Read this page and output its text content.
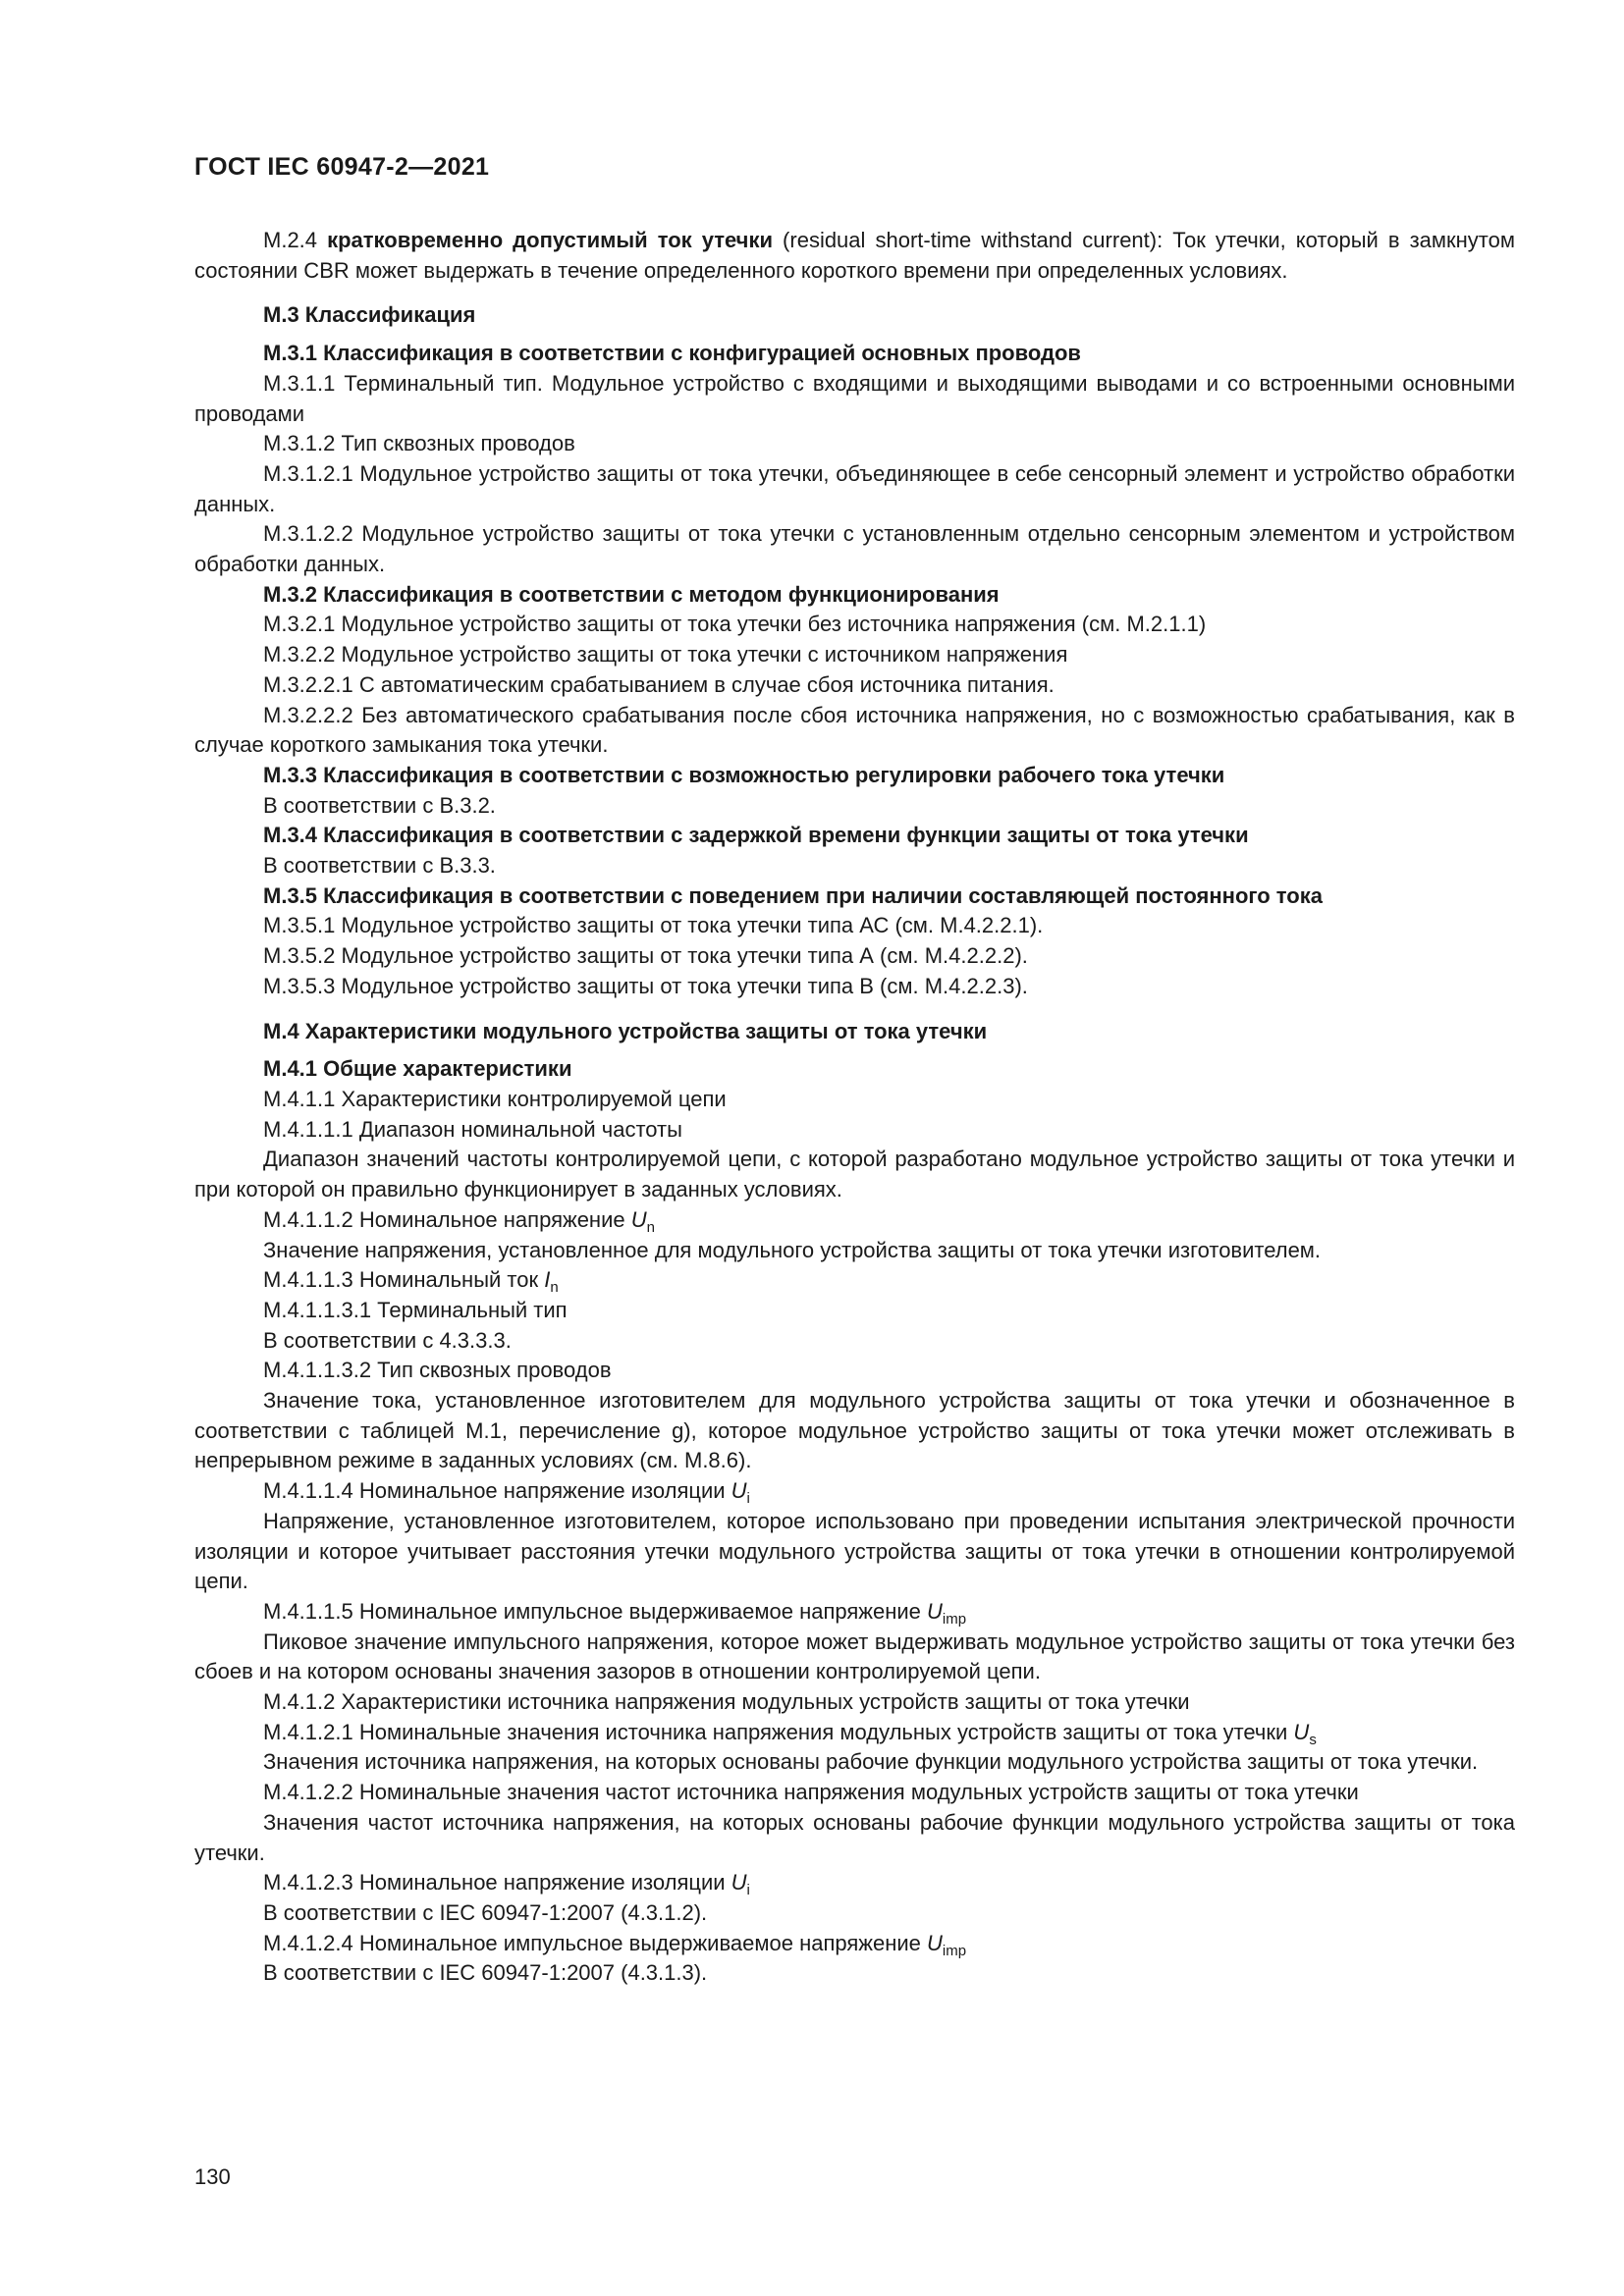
ГОСТ IEC 60947-2—2021

М.2.4 кратковременно допустимый ток утечки (residual short-time withstand current): Ток утечки, который в замкнутом состоянии CBR может выдержать в течение определенного короткого времени при определенных условиях.

М.3 Классификация

М.3.1 Классификация в соответствии с конфигурацией основных проводов

М.3.1.1 Терминальный тип. Модульное устройство с входящими и выходящими выводами и со встроенными основными проводами

М.3.1.2 Тип сквозных проводов

М.3.1.2.1 Модульное устройство защиты от тока утечки, объединяющее в себе сенсорный элемент и устройство обработки данных.

М.3.1.2.2 Модульное устройство защиты от тока утечки с установленным отдельно сенсорным элементом и устройством обработки данных.

М.3.2 Классификация в соответствии с методом функционирования

М.3.2.1 Модульное устройство защиты от тока утечки без источника напряжения (см. М.2.1.1)

М.3.2.2 Модульное устройство защиты от тока утечки с источником напряжения

М.3.2.2.1 С автоматическим срабатыванием в случае сбоя источника питания.

М.3.2.2.2 Без автоматического срабатывания после сбоя источника напряжения, но с возможностью срабатывания, как в случае короткого замыкания тока утечки.

М.3.3 Классификация в соответствии с возможностью регулировки рабочего тока утечки

В соответствии с В.3.2.

М.3.4 Классификация в соответствии с задержкой времени функции защиты от тока утечки

В соответствии с В.3.3.

М.3.5 Классификация в соответствии с поведением при наличии составляющей постоянного тока

М.3.5.1 Модульное устройство защиты от тока утечки типа АС (см. М.4.2.2.1).

М.3.5.2 Модульное устройство защиты от тока утечки типа А (см. М.4.2.2.2).

М.3.5.3 Модульное устройство защиты от тока утечки типа В (см. М.4.2.2.3).

М.4 Характеристики модульного устройства защиты от тока утечки

М.4.1 Общие характеристики

М.4.1.1 Характеристики контролируемой цепи

М.4.1.1.1 Диапазон номинальной частоты

Диапазон значений частоты контролируемой цепи, с которой разработано модульное устройство защиты от тока утечки и при которой он правильно функционирует в заданных условиях.

М.4.1.1.2 Номинальное напряжение $U_n$

Значение напряжения, установленное для модульного устройства защиты от тока утечки изготовителем.

М.4.1.1.3 Номинальный ток $I_n$

М.4.1.1.3.1 Терминальный тип

В соответствии с 4.3.3.3.

М.4.1.1.3.2 Тип сквозных проводов

Значение тока, установленное изготовителем для модульного устройства защиты от тока утечки и обозначенное в соответствии с таблицей М.1, перечисление g), которое модульное устройство защиты от тока утечки может отслеживать в непрерывном режиме в заданных условиях (см. М.8.6).

М.4.1.1.4 Номинальное напряжение изоляции $U_i$

Напряжение, установленное изготовителем, которое использовано при проведении испытания электрической прочности изоляции и которое учитывает расстояния утечки модульного устройства защиты от тока утечки в отношении контролируемой цепи.

М.4.1.1.5 Номинальное импульсное выдерживаемое напряжение $U_{imp}$

Пиковое значение импульсного напряжения, которое может выдерживать модульное устройство защиты от тока утечки без сбоев и на котором основаны значения зазоров в отношении контролируемой цепи.

М.4.1.2 Характеристики источника напряжения модульных устройств защиты от тока утечки

М.4.1.2.1 Номинальные значения источника напряжения модульных устройств защиты от тока утечки $U_s$

Значения источника напряжения, на которых основаны рабочие функции модульного устройства защиты от тока утечки.

М.4.1.2.2 Номинальные значения частот источника напряжения модульных устройств защиты от тока утечки

Значения частот источника напряжения, на которых основаны рабочие функции модульного устройства защиты от тока утечки.

М.4.1.2.3 Номинальное напряжение изоляции $U_i$

В соответствии с IEC 60947-1:2007 (4.3.1.2).

М.4.1.2.4 Номинальное импульсное выдерживаемое напряжение $U_{imp}$

В соответствии с IEC 60947-1:2007 (4.3.1.3).

130
